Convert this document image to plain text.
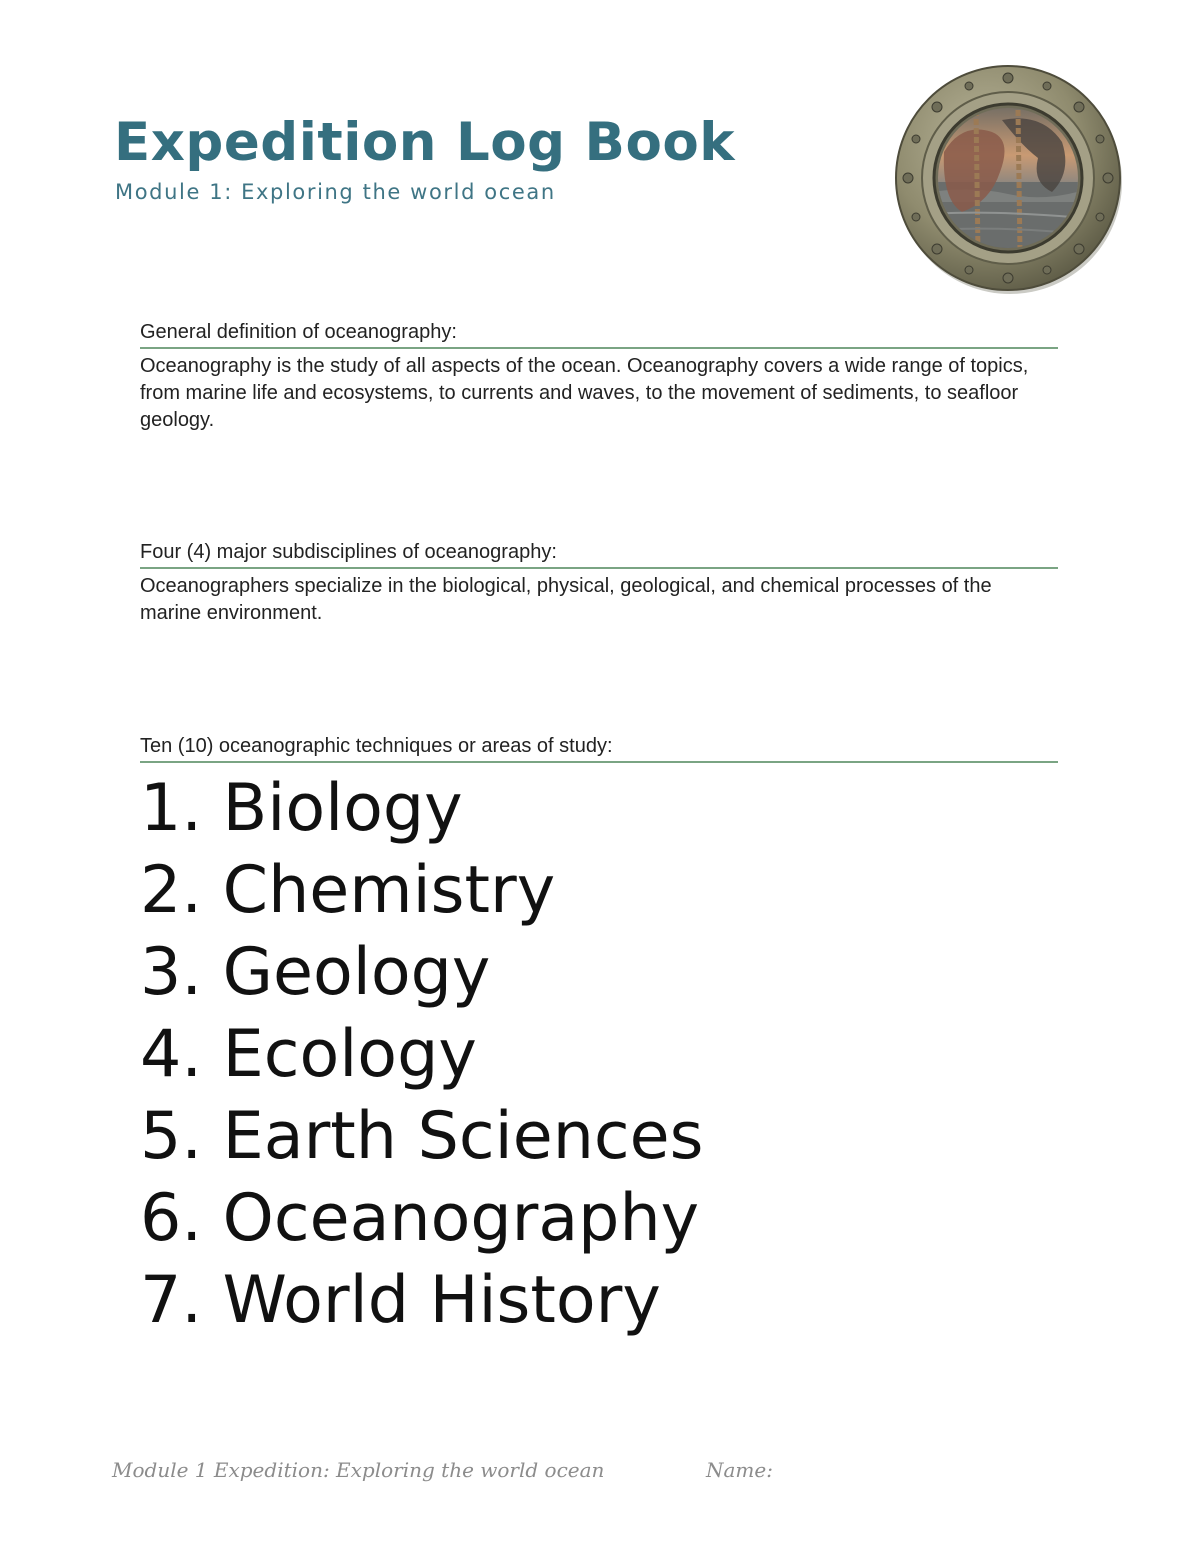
Expedition Log Book
Module 1: Exploring the world ocean
General definition of oceanography:
Oceanography is the study of all aspects of the ocean. Oceanography covers a wide range of topics, from marine life and ecosystems, to currents and waves, to the movement of sediments, to seafloor geology.
Four (4) major subdisciplines of oceanography:
Oceanographers specialize in the biological, physical, geological, and chemical processes of the marine environment.
Ten (10) oceanographic techniques or areas of study:
1. Biology
2. Chemistry
3. Geology
4. Ecology
5. Earth Sciences
6. Oceanography
7. World History
Module 1 Expedition: Exploring the world ocean	Name:
